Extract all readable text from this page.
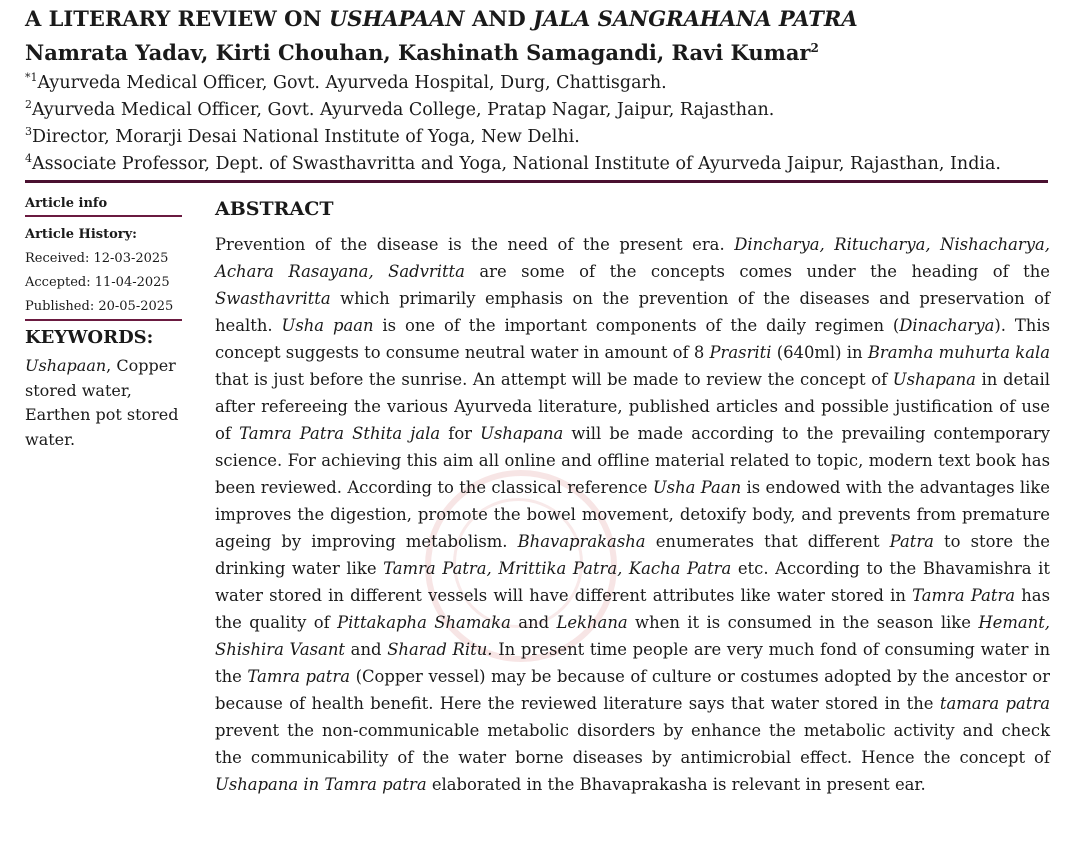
A LITERARY REVIEW ON USHAPAAN AND JALA SANGRAHANA PATRA
Namrata Yadav, Kirti Chouhan, Kashinath Samagandi, Ravi Kumar$^2$
$^{*1}$Ayurveda Medical Officer, Govt. Ayurveda Hospital, Durg, Chattisgarh.
$^2$Ayurveda Medical Officer, Govt. Ayurveda College, Pratap Nagar, Jaipur, Rajasthan.
$^3$Director, Morarji Desai National Institute of Yoga, New Delhi.
$^4$Associate Professor, Dept. of Swasthavritta and Yoga, National Institute of Ayurveda Jaipur, Rajasthan, India.

Article info

Article History:

Received: 12-03-2025

Accepted: 11-04-2025

Published: 20-05-2025

KEYWORDS:

Ushapaan, Copper stored water, Earthen pot stored water.

ABSTRACT

Prevention of the disease is the need of the present era. Dincharya, Ritucharya, Nishacharya, Achara Rasayana, Sadvritta are some of the concepts comes under the heading of the Swasthavritta which primarily emphasis on the prevention of the diseases and preservation of health. Usha paan is one of the important components of the daily regimen (Dinacharya). This concept suggests to consume neutral water in amount of 8 Prasriti (640ml) in Bramha muhurta kala that is just before the sunrise. An attempt will be made to review the concept of Ushapana in detail after refereeing the various Ayurveda literature, published articles and possible justification of use of Tamra Patra Sthita jala for Ushapana will be made according to the prevailing contemporary science. For achieving this aim all online and offline material related to topic, modern text book has been reviewed. According to the classical reference Usha Paan is endowed with the advantages like improves the digestion, promote the bowel movement, detoxify body, and prevents from premature ageing by improving metabolism. Bhavaprakasha enumerates that different Patra to store the drinking water like Tamra Patra, Mrittika Patra, Kacha Patra etc. According to the Bhavamishra it water stored in different vessels will have different attributes like water stored in Tamra Patra has the quality of Pittakapha Shamaka and Lekhana when it is consumed in the season like Hemant, Shishira Vasant and Sharad Ritu. In present time people are very much fond of consuming water in the Tamra patra (Copper vessel) may be because of culture or costumes adopted by the ancestor or because of health benefit. Here the reviewed literature says that water stored in the tamara patra prevent the non-communicable metabolic disorders by enhance the metabolic activity and check the communicability of the water borne diseases by antimicrobial effect. Hence the concept of Ushapana in Tamra patra elaborated in the Bhavaprakasha is relevant in present ear.
